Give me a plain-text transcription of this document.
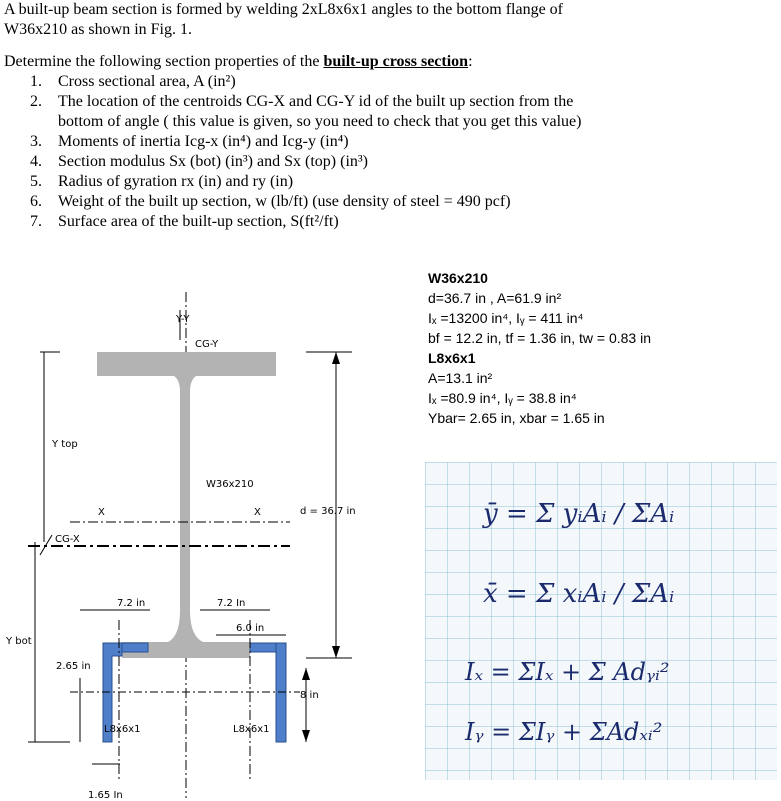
A built-up beam section is formed by welding 2xL8x6x1 angles to the bottom flange of
W36x210 as shown in Fig. 1.

Determine the following section properties of the built-up cross section:

1. Cross sectional area, A (in²)
2. The location of the centroids CG-X and CG-Y id of the built up section from the
bottom of angle ( this value is given, so you need to check that you get this value)
3. Moments of inertia Icg-x (in⁴) and Icg-y (in⁴)
4. Section modulus Sx (bot) (in³) and Sx (top) (in³)
5. Radius of gyration rx (in) and ry (in)
6. Weight of the built up section, w (lb/ft) (use density of steel = 490 pcf)
7. Surface area of the built-up section, S(ft²/ft)
W36x210
d=36.7 in , A=61.9 in²
Iₓ =13200 in⁴, Iᵧ = 411 in⁴
bf = 12.2 in, tf = 1.36 in, tw = 0.83 in
L8x6x1
A=13.1 in²
Iₓ =80.9 in⁴, Iᵧ = 38.8 in⁴
Ybar= 2.65 in, xbar = 1.65 in
Y-Y
CG-Y
W36x210
d = 36.7 in
8 in
Y top
Y bot
X	X
CG-X
7.2 in	7.2 In
6.0 in
2.65 in
L8x6x1	L8x6x1
1.65 In
ȳ = Σ yᵢAᵢ / ΣAᵢ
x̄ = Σ xᵢAᵢ / ΣAᵢ
Iₓ = ΣIₓ + Σ Adᵧᵢ²
Iᵧ = ΣIᵧ + ΣAdₓᵢ²
